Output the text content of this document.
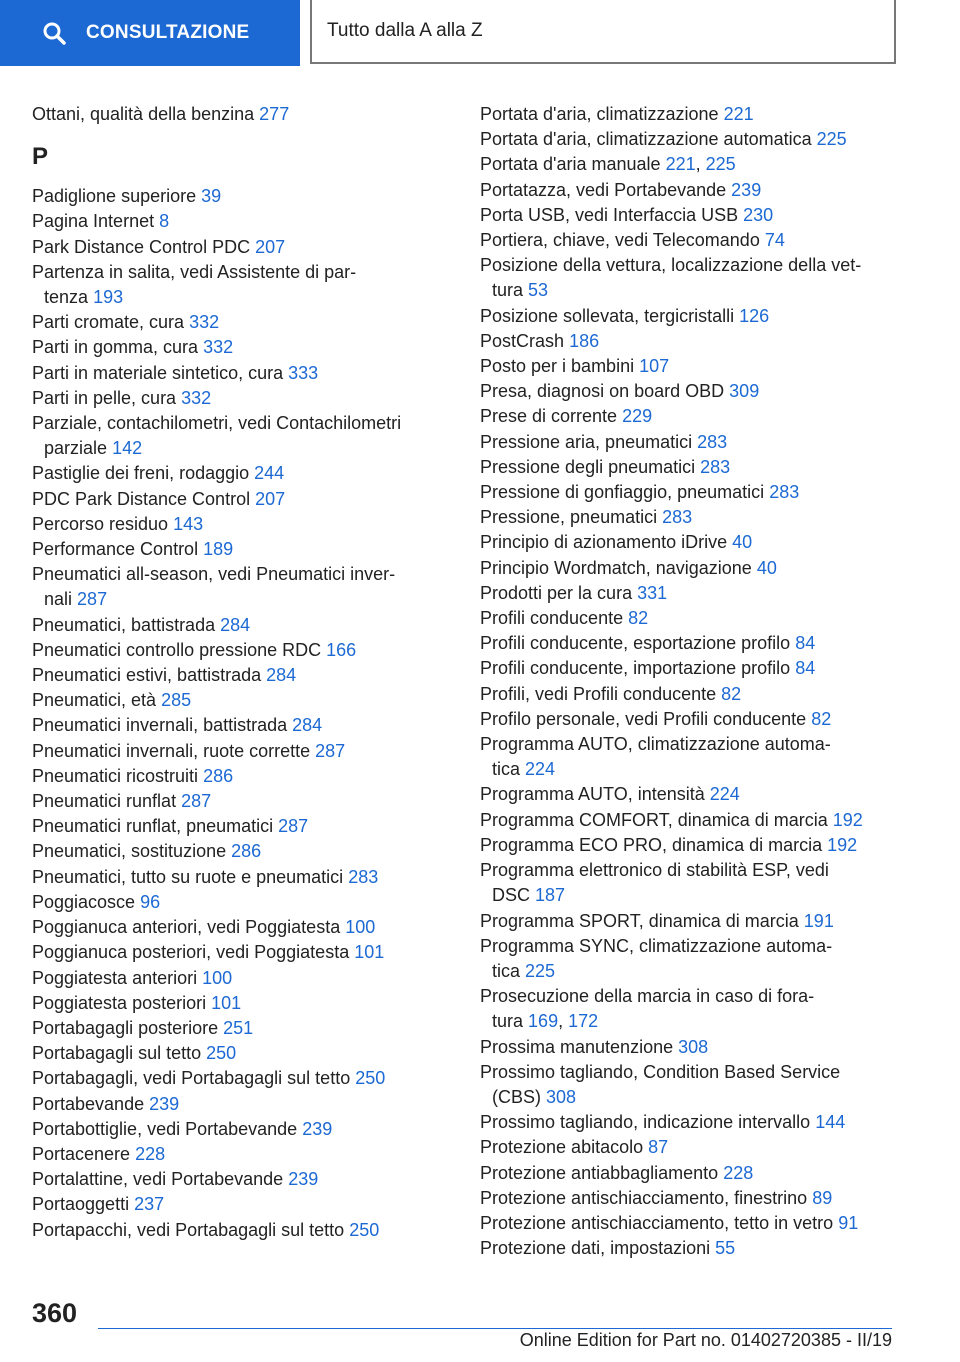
CONSULTAZIONE	Tutto dalla A alla Z
Ottani, qualità della benzina 277
P
Padiglione superiore 39
Pagina Internet 8
Park Distance Control PDC 207
Partenza in salita, vedi Assistente di par-
tenza 193
Parti cromate, cura 332
Parti in gomma, cura 332
Parti in materiale sintetico, cura 333
Parti in pelle, cura 332
Parziale, contachilometri, vedi Contachilometri
parziale 142
Pastiglie dei freni, rodaggio 244
PDC Park Distance Control 207
Percorso residuo 143
Performance Control 189
Pneumatici all-season, vedi Pneumatici inver-
nali 287
Pneumatici, battistrada 284
Pneumatici controllo pressione RDC 166
Pneumatici estivi, battistrada 284
Pneumatici, età 285
Pneumatici invernali, battistrada 284
Pneumatici invernali, ruote corrette 287
Pneumatici ricostruiti 286
Pneumatici runflat 287
Pneumatici runflat, pneumatici 287
Pneumatici, sostituzione 286
Pneumatici, tutto su ruote e pneumatici 283
Poggiacosce 96
Poggianuca anteriori, vedi Poggiatesta 100
Poggianuca posteriori, vedi Poggiatesta 101
Poggiatesta anteriori 100
Poggiatesta posteriori 101
Portabagagli posteriore 251
Portabagagli sul tetto 250
Portabagagli, vedi Portabagagli sul tetto 250
Portabevande 239
Portabottiglie, vedi Portabevande 239
Portacenere 228
Portalattine, vedi Portabevande 239
Portaoggetti 237
Portapacchi, vedi Portabagagli sul tetto 250
Portata d'aria, climatizzazione 221
Portata d'aria, climatizzazione automatica 225
Portata d'aria manuale 221, 225
Portatazza, vedi Portabevande 239
Porta USB, vedi Interfaccia USB 230
Portiera, chiave, vedi Telecomando 74
Posizione della vettura, localizzazione della vet-
tura 53
Posizione sollevata, tergicristalli 126
PostCrash 186
Posto per i bambini 107
Presa, diagnosi on board OBD 309
Prese di corrente 229
Pressione aria, pneumatici 283
Pressione degli pneumatici 283
Pressione di gonfiaggio, pneumatici 283
Pressione, pneumatici 283
Principio di azionamento iDrive 40
Principio Wordmatch, navigazione 40
Prodotti per la cura 331
Profili conducente 82
Profili conducente, esportazione profilo 84
Profili conducente, importazione profilo 84
Profili, vedi Profili conducente 82
Profilo personale, vedi Profili conducente 82
Programma AUTO, climatizzazione automa-
tica 224
Programma AUTO, intensità 224
Programma COMFORT, dinamica di marcia 192
Programma ECO PRO, dinamica di marcia 192
Programma elettronico di stabilità ESP, vedi
DSC 187
Programma SPORT, dinamica di marcia 191
Programma SYNC, climatizzazione automa-
tica 225
Prosecuzione della marcia in caso di fora-
tura 169, 172
Prossima manutenzione 308
Prossimo tagliando, Condition Based Service
(CBS) 308
Prossimo tagliando, indicazione intervallo 144
Protezione abitacolo 87
Protezione antiabbagliamento 228
Protezione antischiacciamento, finestrino 89
Protezione antischiacciamento, tetto in vetro 91
Protezione dati, impostazioni 55
360
Online Edition for Part no. 01402720385 - II/19
